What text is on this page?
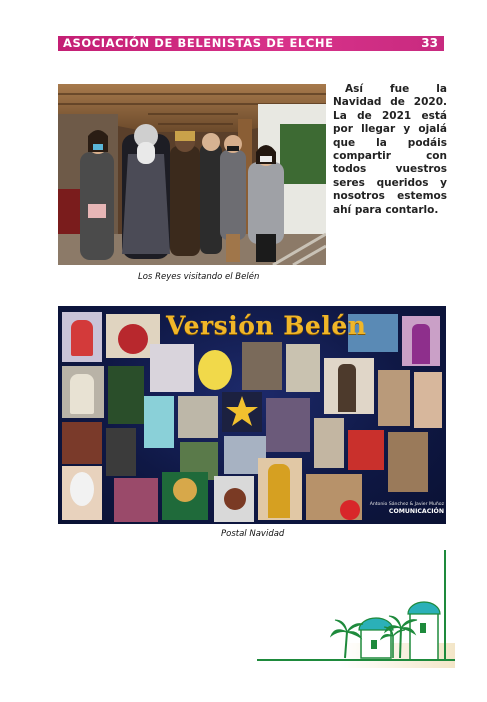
ASOCIACIÓN DE BELENISTAS DE ELCHE	33
Los Reyes visitando el Belén
Así fue la Navidad de 2020. La de 2021 está por llegar y ojalá que la podáis compartir con todos vuestros seres queridos y nosotros estemos ahí para contarlo.
Versión Belén
Antonio Sánchez & Javier Muñoz
COMUNICACIÓN
Postal Navidad
